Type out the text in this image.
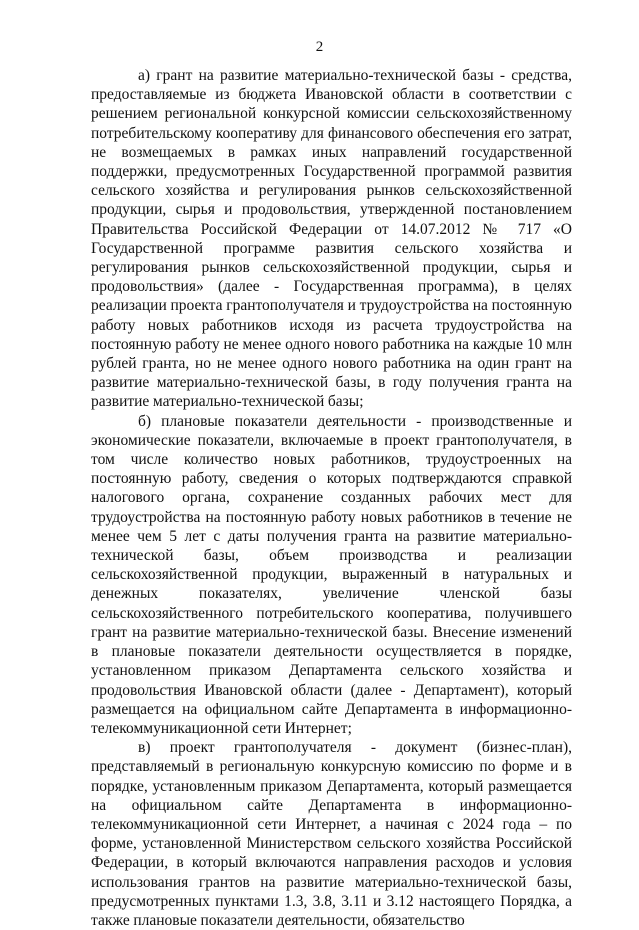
2

а) грант на развитие материально-технической базы - средства, предоставляемые из бюджета Ивановской области в соответствии с решением региональной конкурсной комиссии сельскохозяйственному потребительскому кооперативу для финансового обеспечения его затрат, не возмещаемых в рамках иных направлений государственной поддержки, предусмотренных Государственной программой развития сельского хозяйства и регулирования рынков сельскохозяйственной продукции, сырья и продовольствия, утвержденной постановлением Правительства Российской Федерации от 14.07.2012 № 717 «О Государственной программе развития сельского хозяйства и регулирования рынков сельскохозяйственной продукции, сырья и продовольствия» (далее - Государственная программа), в целях реализации проекта грантополучателя и трудоустройства на постоянную работу новых работников исходя из расчета трудоустройства на постоянную работу не менее одного нового работника на каждые 10 млн рублей гранта, но не менее одного нового работника на один грант на развитие материально-технической базы, в году получения гранта на развитие материально-технической базы;

б) плановые показатели деятельности - производственные и экономические показатели, включаемые в проект грантополучателя, в том числе количество новых работников, трудоустроенных на постоянную работу, сведения о которых подтверждаются справкой налогового органа, сохранение созданных рабочих мест для трудоустройства на постоянную работу новых работников в течение не менее чем 5 лет с даты получения гранта на развитие материально-технической базы, объем производства и реализации сельскохозяйственной продукции, выраженный в натуральных и денежных показателях, увеличение членской базы сельскохозяйственного потребительского кооператива, получившего грант на развитие материально-технической базы. Внесение изменений в плановые показатели деятельности осуществляется в порядке, установленном приказом Департамента сельского хозяйства и продовольствия Ивановской области (далее - Департамент), который размещается на официальном сайте Департамента в информационно-телекоммуникационной сети Интернет;

в) проект грантополучателя - документ (бизнес-план), представляемый в региональную конкурсную комиссию по форме и в порядке, установленным приказом Департамента, который размещается на официальном сайте Департамента в информационно-телекоммуникационной сети Интернет, а начиная с 2024 года – по форме, установленной Министерством сельского хозяйства Российской Федерации, в который включаются направления расходов и условия использования грантов на развитие материально-технической базы, предусмотренных пунктами 1.3, 3.8, 3.11 и 3.12 настоящего Порядка, а также плановые показатели деятельности, обязательство
